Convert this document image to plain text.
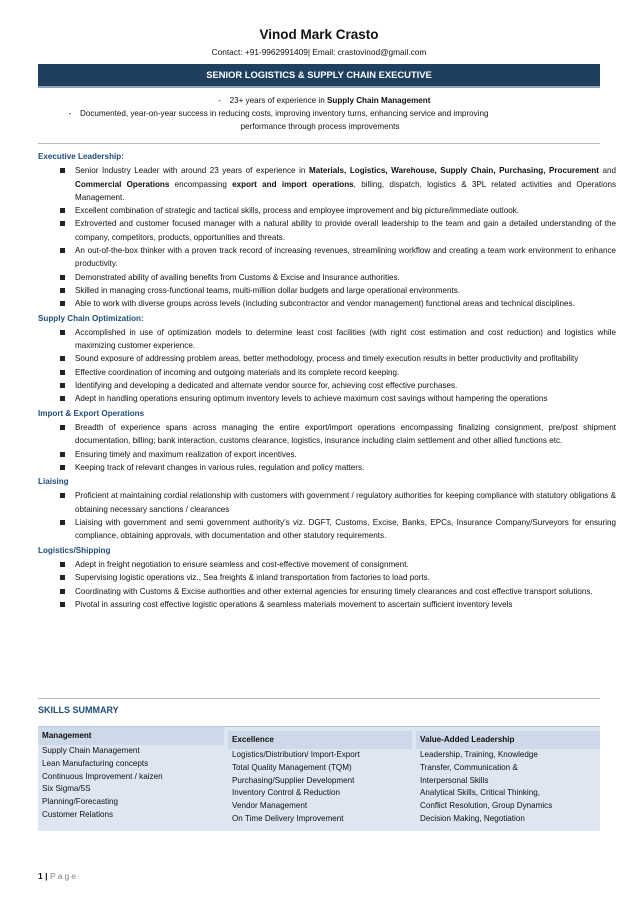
Vinod Mark Crasto
Contact: +91-9962991409| Email: crastovinod@gmail.com
SENIOR LOGISTICS & SUPPLY CHAIN EXECUTIVE
-	23+ years of experience in Supply Chain Management
-	Documented, year-on-year success in reducing costs, improving inventory turns, enhancing service and improving
performance through process improvements
Executive Leadership:
Senior Industry Leader with around 23 years of experience in Materials, Logistics, Warehouse, Supply Chain, Purchasing, Procurement and Commercial Operations encompassing export and import operations, billing, dispatch, logistics & 3PL related activities and Operations Management.
Excellent combination of strategic and tactical skills, process and employee improvement and big picture/immediate outlook.
Extroverted and customer focused manager with a natural ability to provide overall leadership to the team and gain a detailed understanding of the company, competitors, products, opportunities and threats.
An out-of-the-box thinker with a proven track record of increasing revenues, streamlining workflow and creating a team work environment to enhance productivity.
Demonstrated ability of availing benefits from Customs & Excise and Insurance authorities.
Skilled in managing cross-functional teams, multi-million dollar budgets and large operational environments.
Able to work with diverse groups across levels (including subcontractor and vendor management) functional areas and technical disciplines.
Supply Chain Optimization:
Accomplished in use of optimization models to determine least cost facilities (with right cost estimation and cost reduction) and logistics while maximizing customer experience.
Sound exposure of addressing problem areas, better methodology, process and timely execution results in better productivity and profitability
Effective coordination of incoming and outgoing materials and its complete record keeping.
Identifying and developing a dedicated and alternate vendor source for, achieving cost effective purchases.
Adept in handling operations ensuring optimum inventory levels to achieve maximum cost savings without hampering the operations
Import & Export Operations
Breadth of experience spans across managing the entire export/import operations encompassing finalizing consignment, pre/post shipment documentation, billing; bank interaction, customs clearance, logistics, insurance including claim settlement and other allied functions etc.
Ensuring timely and maximum realization of export incentives.
Keeping track of relevant changes in various rules, regulation and policy matters.
Liaising
Proficient at maintaining cordial relationship with customers with government / regulatory authorities for keeping compliance with statutory obligations & obtaining necessary sanctions / clearances
Liaising with government and semi government authority's viz. DGFT, Customs, Excise, Banks, EPCs, Insurance Company/Surveyors for ensuring compliance, obtaining approvals, with documentation and other statutory requirements.
Logistics/Shipping
Adept in freight negotiation to ensure seamless and cost-effective movement of consignment.
Supervising logistic operations viz., Sea freights & inland transportation from factories to load ports.
Coordinating with Customs & Excise authorities and other external agencies for ensuring timely clearances and cost effective transport solutions.
Pivotal in assuring cost effective logistic operations & seamless materials movement to ascertain sufficient inventory levels
SKILLS SUMMARY
Management
Supply Chain Management
Lean Manufacturing concepts
Continuous Improvement / kaizen
Six Sigma/5S
Planning/Forecasting
Customer Relations
Excellence
Logistics/Distribution/ Import-Export
Total Quality Management (TQM)
Purchasing/Supplier Development
Inventory Control & Reduction
Vendor Management
On Time Delivery Improvement
Value-Added Leadership
Leadership, Training, Knowledge
Transfer, Communication &
Interpersonal Skills
Analytical Skills, Critical Thinking,
Conflict Resolution, Group Dynamics
Decision Making, Negotiation
1 | Page
